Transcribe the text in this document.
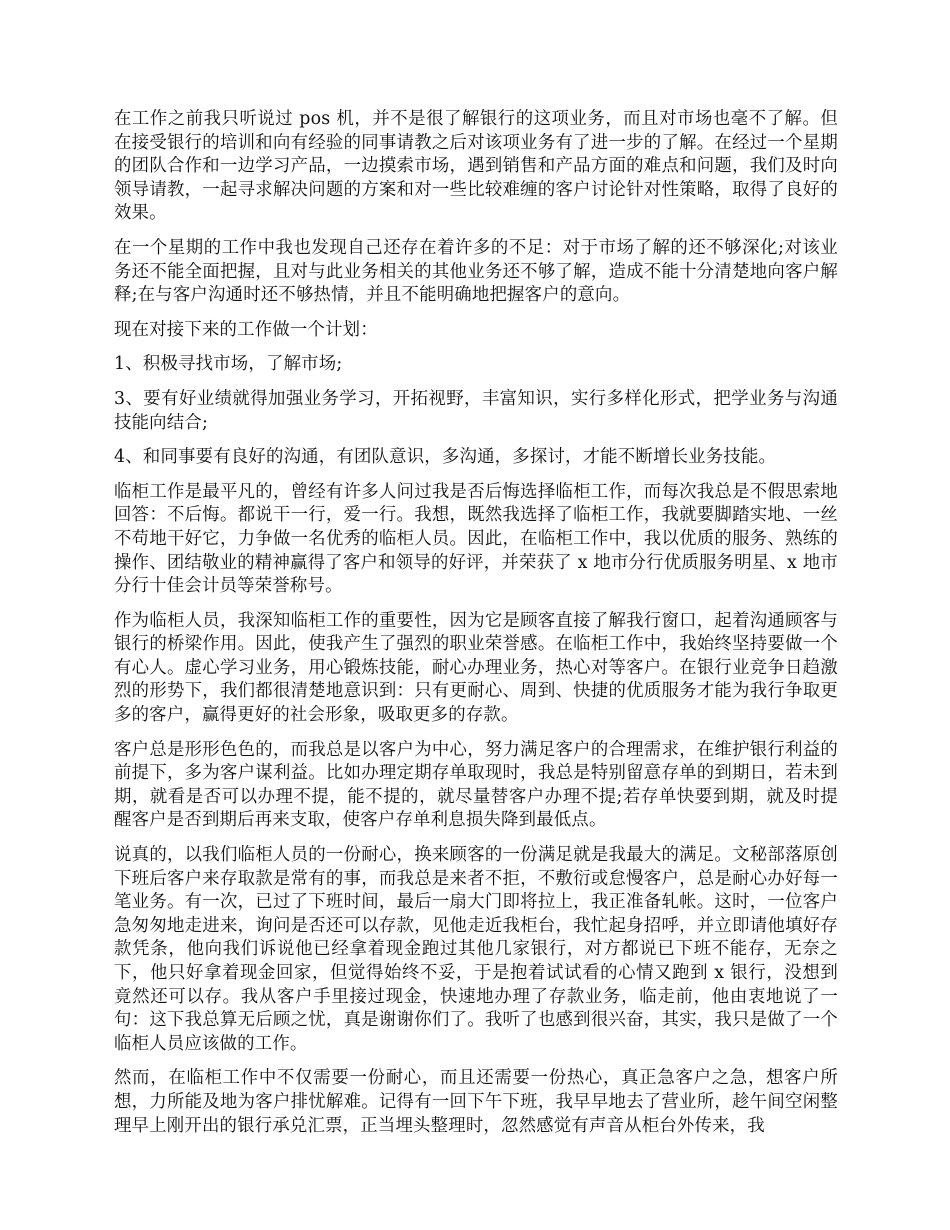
在工作之前我只听说过 pos 机，并不是很了解银行的这项业务，而且对市场也毫不了解。但在接受银行的培训和向有经验的同事请教之后对该项业务有了进一步的了解。在经过一个星期的团队合作和一边学习产品，一边摸索市场，遇到销售和产品方面的难点和问题，我们及时向领导请教，一起寻求解决问题的方案和对一些比较难缠的客户讨论针对性策略，取得了良好的效果。

在一个星期的工作中我也发现自己还存在着许多的不足：对于市场了解的还不够深化;对该业务还不能全面把握，且对与此业务相关的其他业务还不够了解，造成不能十分清楚地向客户解释;在与客户沟通时还不够热情，并且不能明确地把握客户的意向。

现在对接下来的工作做一个计划：

1、积极寻找市场，了解市场;

3、要有好业绩就得加强业务学习，开拓视野，丰富知识，实行多样化形式，把学业务与沟通技能向结合;

4、和同事要有良好的沟通，有团队意识，多沟通，多探讨，才能不断增长业务技能。

临柜工作是最平凡的，曾经有许多人问过我是否后悔选择临柜工作，而每次我总是不假思索地回答：不后悔。都说干一行，爱一行。我想，既然我选择了临柜工作，我就要脚踏实地、一丝不苟地干好它，力争做一名优秀的临柜人员。因此，在临柜工作中，我以优质的服务、熟练的操作、团结敬业的精神赢得了客户和领导的好评，并荣获了 x 地市分行优质服务明星、x 地市分行十佳会计员等荣誉称号。

作为临柜人员，我深知临柜工作的重要性，因为它是顾客直接了解我行窗口，起着沟通顾客与银行的桥梁作用。因此，使我产生了强烈的职业荣誉感。在临柜工作中，我始终坚持要做一个有心人。虚心学习业务，用心锻炼技能，耐心办理业务，热心对等客户。在银行业竞争日趋激烈的形势下，我们都很清楚地意识到：只有更耐心、周到、快捷的优质服务才能为我行争取更多的客户，赢得更好的社会形象，吸取更多的存款。

客户总是形形色色的，而我总是以客户为中心，努力满足客户的合理需求，在维护银行利益的前提下，多为客户谋利益。比如办理定期存单取现时，我总是特别留意存单的到期日，若未到期，就看是否可以办理不提，能不提的，就尽量替客户办理不提;若存单快要到期，就及时提醒客户是否到期后再来支取，使客户存单利息损失降到最低点。

说真的，以我们临柜人员的一份耐心，换来顾客的一份满足就是我最大的满足。文秘部落原创下班后客户来存取款是常有的事，而我总是来者不拒，不敷衍或怠慢客户，总是耐心办好每一笔业务。有一次，已过了下班时间，最后一扇大门即将拉上，我正准备轧帐。这时，一位客户急匆匆地走进来，询问是否还可以存款，见他走近我柜台，我忙起身招呼，并立即请他填好存款凭条，他向我们诉说他已经拿着现金跑过其他几家银行，对方都说已下班不能存，无奈之下，他只好拿着现金回家，但觉得始终不妥，于是抱着试试看的心情又跑到 x 银行，没想到竟然还可以存。我从客户手里接过现金，快速地办理了存款业务，临走前，他由衷地说了一句：这下我总算无后顾之忧，真是谢谢你们了。我听了也感到很兴奋，其实，我只是做了一个临柜人员应该做的工作。

然而，在临柜工作中不仅需要一份耐心，而且还需要一份热心，真正急客户之急，想客户所想，力所能及地为客户排忧解难。记得有一回下午下班，我早早地去了营业所，趁午间空闲整理早上刚开出的银行承兑汇票，正当埋头整理时，忽然感觉有声音从柜台外传来，我
